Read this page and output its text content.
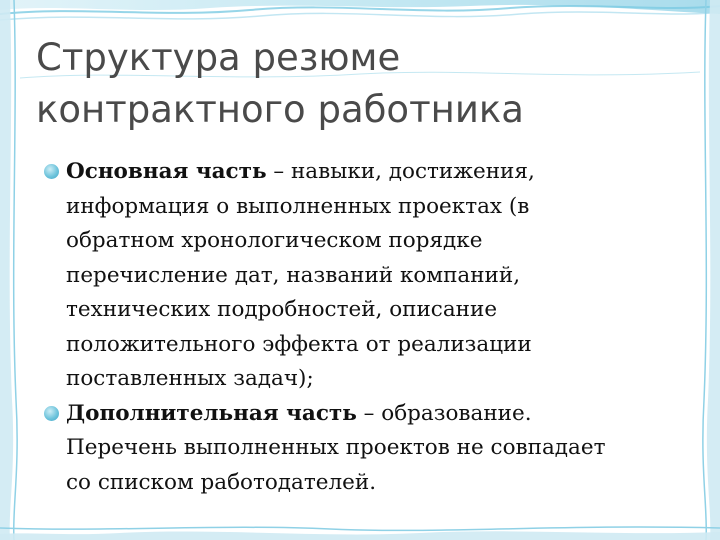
Структура резюме
контрактного работника
Основная часть – навыки, достижения,
информация о выполненных проектах (в
обратном хронологическом порядке
перечисление дат, названий компаний,
технических подробностей, описание
положительного эффекта от реализации
поставленных задач);
Дополнительная часть – образование.
Перечень выполненных проектов не совпадает
со списком работодателей.
